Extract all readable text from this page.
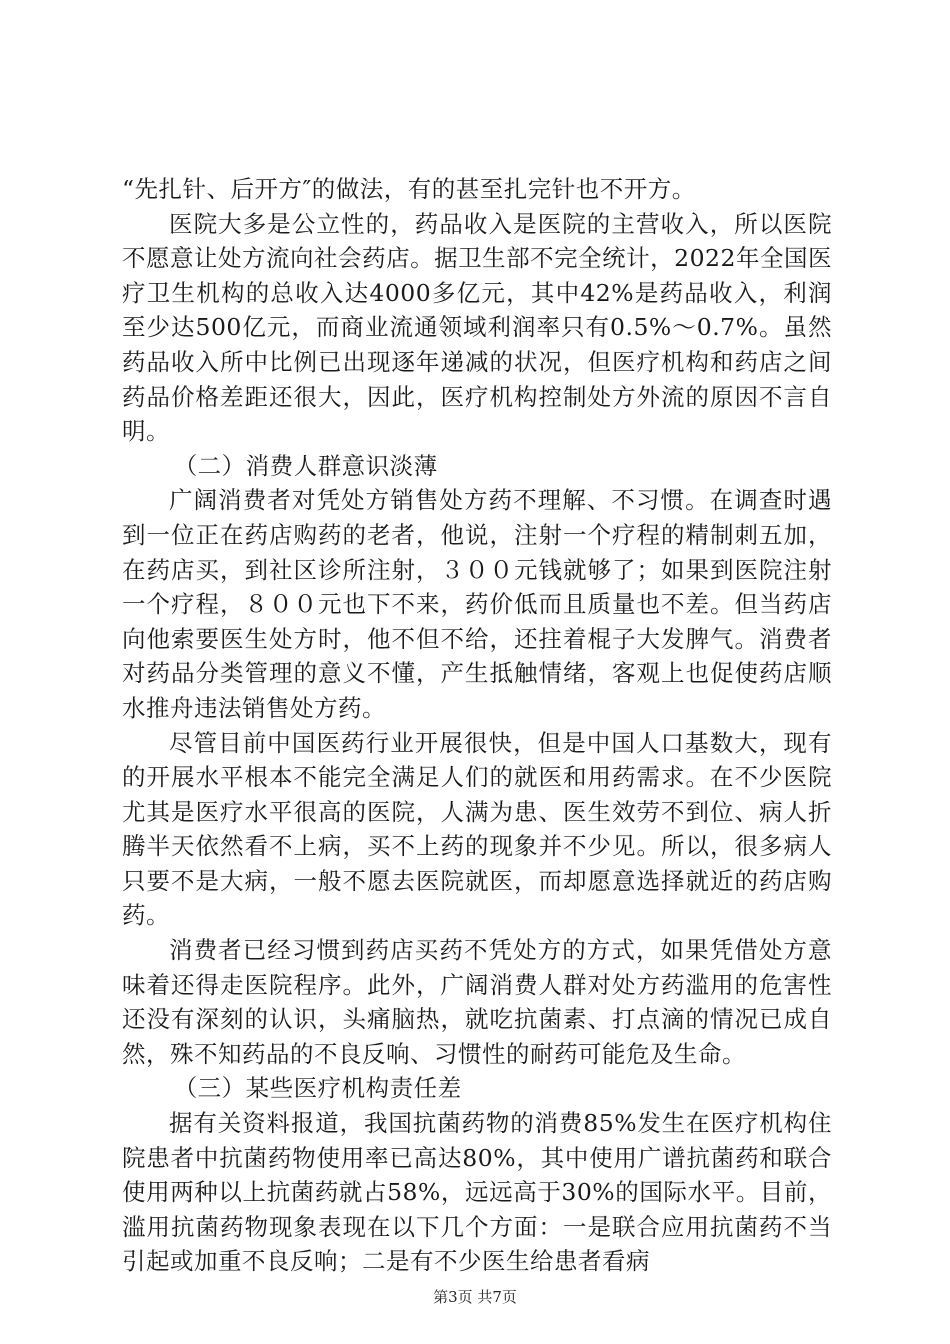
“先扎针、后开方″的做法，有的甚至扎完针也不开方。

医院大多是公立性的，药品收入是医院的主营收入，所以医院不愿意让处方流向社会药店。据卫生部不完全统计，2022年全国医疗卫生机构的总收入达4000多亿元，其中42%是药品收入，利润至少达500亿元，而商业流通领域利润率只有0.5%～0.7%。虽然药品收入所中比例已出现逐年递减的状况，但医疗机构和药店之间药品价格差距还很大，因此，医疗机构控制处方外流的原因不言自明。

（二）消费人群意识淡薄

广阔消费者对凭处方销售处方药不理解、不习惯。在调查时遇到一位正在药店购药的老者，他说，注射一个疗程的精制刺五加，在药店买，到社区诊所注射，３００元钱就够了；如果到医院注射一个疗程，８００元也下不来，药价低而且质量也不差。但当药店向他索要医生处方时，他不但不给，还拄着棍子大发脾气。消费者对药品分类管理的意义不懂，产生抵触情绪，客观上也促使药店顺水推舟违法销售处方药。

尽管目前中国医药行业开展很快，但是中国人口基数大，现有的开展水平根本不能完全满足人们的就医和用药需求。在不少医院尤其是医疗水平很高的医院，人满为患、医生效劳不到位、病人折腾半天依然看不上病，买不上药的现象并不少见。所以，很多病人只要不是大病，一般不愿去医院就医，而却愿意选择就近的药店购药。

消费者已经习惯到药店买药不凭处方的方式，如果凭借处方意味着还得走医院程序。此外，广阔消费人群对处方药滥用的危害性还没有深刻的认识，头痛脑热，就吃抗菌素、打点滴的情况已成自然，殊不知药品的不良反响、习惯性的耐药可能危及生命。

（三）某些医疗机构责任差

据有关资料报道，我国抗菌药物的消费85%发生在医疗机构住院患者中抗菌药物使用率已高达80%，其中使用广谱抗菌药和联合使用两种以上抗菌药就占58%，远远高于30%的国际水平。目前，滥用抗菌药物现象表现在以下几个方面：一是联合应用抗菌药不当引起或加重不良反响；二是有不少医生给患者看病

第3页 共7页
